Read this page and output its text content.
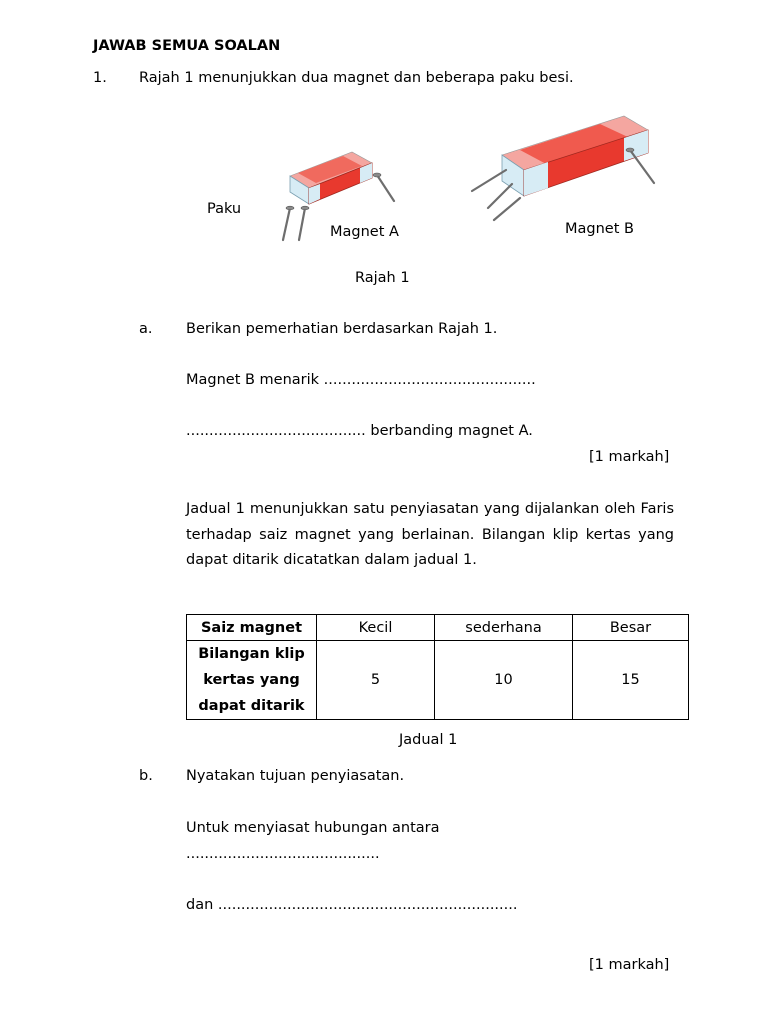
JAWAB SEMUA SOALAN
1. Rajah 1 menunjukkan dua magnet dan beberapa paku besi.
Paku
Magnet A	Magnet B
Rajah 1
a. Berikan pemerhatian berdasarkan Rajah 1.
Magnet B menarik ..............................................
....................................... berbanding magnet A.
[1 markah]
Jadual 1 menunjukkan satu penyiasatan yang dijalankan oleh Faris terhadap saiz magnet yang berlainan. Bilangan klip kertas yang dapat ditarik dicatatkan dalam jadual 1.
Saiz magnet	Kecil	sederhana	Besar

Bilangan klip
kertas yang
dapat ditarik	5	10	15
Jadual 1
b. Nyatakan tujuan penyiasatan.
Untuk menyiasat hubungan antara
..........................................
dan .................................................................
[1 markah]
